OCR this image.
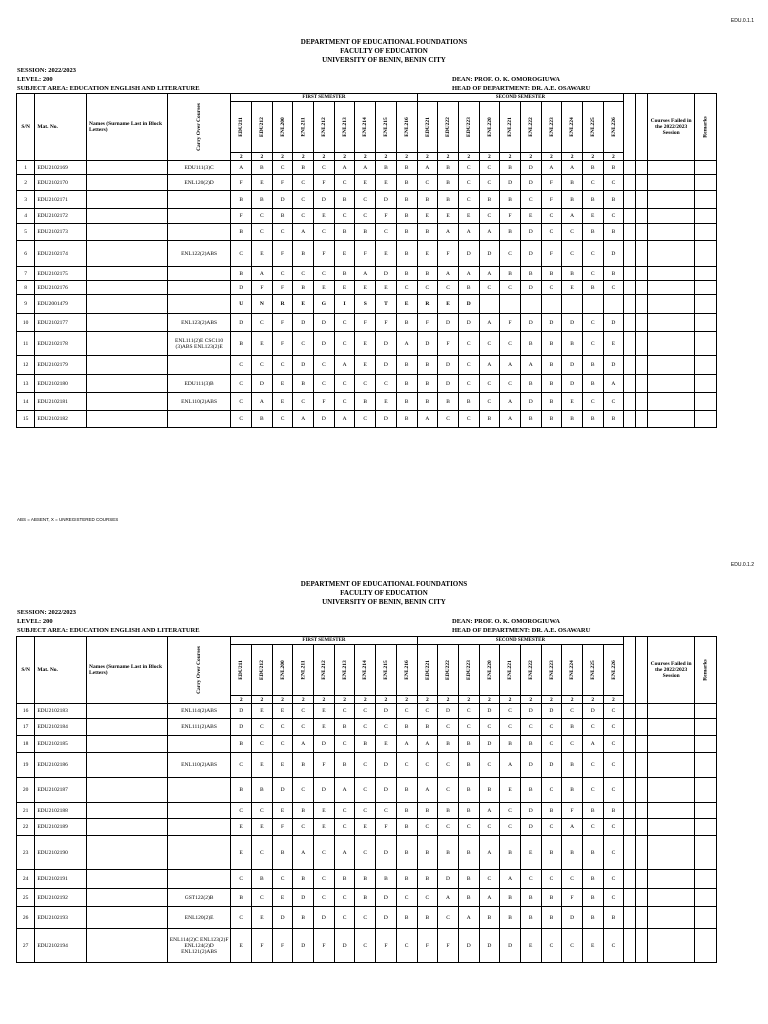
EDU.0.1.1
DEPARTMENT OF EDUCATIONAL FOUNDATIONS
FACULTY OF EDUCATION
UNIVERSITY OF BENIN, BENIN CITY
SESSION: 2022/2023
LEVEL: 200
SUBJECT AREA: EDUCATION ENGLISH AND LITERATURE
DEAN: PROF. O. K. OMOROGIUWA
HEAD OF DEPARTMENT: DR. A.E. OSAWARU
S/N	Mat. No.	Names (Surname Last in Block Letters)	Carry Over Courses	FIRST SEMESTER									SECOND SEMESTER												Courses Failed in the 2022/2023 Session	Remarks
				EDU211	EDU212	ENL200	ENL211	ENL212	ENL213	ENL214	ENL215	ENL216	EDU221	EDU222	EDU223	ENL220	ENL221	ENL222	ENL223	ENL224	ENL225	ENL226				
				2	2	2	2	2	2	2	2	2	2	2	2	2	2	2	2	2	2	2				
1	EDU2102169		EDU111(3)C	A	B	C	B	C	A	A	B	B	A	B	C	C	B	D	A	A	B	B				
2	EDU2102170		ENL120(2)D	F	E	F	C	F	C	E	E	B	C	B	C	C	D	D	F	B	C	C				
3	EDU2102171			B	B	D	C	D	B	C	D	B	B	B	C	B	B	C	F	B	B	B				
4	EDU2102172			F	C	B	C	E	C	C	F	B	E	E	E	C	F	E	C	A	E	C				
5	EDU2102173			B	C	C	A	C	B	B	C	B	B	A	A	A	B	D	C	C	B	B				
6	EDU2102174		ENL122(2)ABS	C	E	F	B	F	E	F	E	B	E	F	D	D	C	D	F	C	C	D				
7	EDU2102175			B	A	C	C	C	B	A	D	B	B	A	A	A	B	B	B	B	C	B				
8	EDU2102176			D	F	F	B	E	E	E	E	C	C	C	B	C	C	D	C	E	B	C				
9	EDU2001479			U	N	R	E	G	I	S	T	E	R	E	D											
10	EDU2102177		ENL123(2)ABS	D	C	F	D	D	C	F	F	B	F	D	D	A	F	D	D	D	C	D				
11	EDU2102178		ENL111(2)E CSC110 (3)ABS ENL123(2)E	B	E	F	C	D	C	E	D	A	D	F	C	C	C	B	B	B	C	E				
12	EDU2102179			C	C	C	D	C	A	E	D	B	B	D	C	A	A	A	B	D	B	D				
13	EDU2102180		EDU111(3)B	C	D	E	B	C	C	C	C	B	B	D	C	C	C	B	B	D	B	A				
14	EDU2102181		ENL110(2)ABS	C	A	E	C	F	C	B	E	B	B	B	B	C	A	D	B	E	C	C				
15	EDU2102182			C	B	C	A	D	A	C	D	B	A	C	C	B	A	B	B	B	B	B				
ABS = ABSENT, X = UNREGISTERED COURSES
EDU.0.1.2
DEPARTMENT OF EDUCATIONAL FOUNDATIONS
FACULTY OF EDUCATION
UNIVERSITY OF BENIN, BENIN CITY
SESSION: 2022/2023
LEVEL: 200
SUBJECT AREA: EDUCATION ENGLISH AND LITERATURE
DEAN: PROF. O. K. OMOROGIUWA
HEAD OF DEPARTMENT: DR. A.E. OSAWARU
S/N	Mat. No.	Names (Surname Last in Block Letters)	Carry Over Courses	FIRST SEMESTER									SECOND SEMESTER												Courses Failed in the 2022/2023 Session	Remarks
				EDU211	EDU212	ENL200	ENL211	ENL212	ENL213	ENL214	ENL215	ENL216	EDU221	EDU222	EDU223	ENL220	ENL221	ENL222	ENL223	ENL224	ENL225	ENL226				
				2	2	2	2	2	2	2	2	2	2	2	2	2	2	2	2	2	2	2				
16	EDU2102183		ENL114(2)ABS	D	E	E	C	E	C	C	D	C	C	D	C	D	C	D	D	C	D	C				
17	EDU2102184		ENL111(2)ABS	D	C	C	C	E	B	C	C	B	B	C	C	C	C	C	C	B	C	C				
18	EDU2102185			B	C	C	A	D	C	B	E	A	A	B	B	D	B	B	C	C	A	C				
19	EDU2102186		ENL110(2)ABS	C	E	E	B	F	B	C	D	C	C	C	B	C	A	D	D	B	C	C				
20	EDU2102187			B	B	D	C	D	A	C	D	B	A	C	B	B	E	B	C	B	C	C				
21	EDU2102188			C	C	E	B	E	C	C	C	B	B	B	B	A	C	D	B	F	B	B				
22	EDU2102189			E	E	F	C	E	C	E	F	B	C	C	C	C	C	D	C	A	C	C				
23	EDU2102190			E	C	B	A	C	A	C	D	B	B	B	B	A	B	E	B	B	B	C				
24	EDU2102191			C	B	C	B	C	B	B	B	B	B	D	B	C	A	C	C	C	B	C				
25	EDU2102192		GST122(2)B	B	C	E	D	C	C	B	D	C	C	A	B	A	B	B	B	F	B	C				
26	EDU2102193		ENL120(2)E	C	E	D	B	D	C	C	D	B	B	C	A	B	B	B	B	D	B	B				
27	EDU2102194		ENL114(2)C ENL123(2)F ENL124(2)D ENL121(2)ABS	E	F	F	D	F	D	C	F	C	F	F	D	D	D	E	C	C	E	C				
